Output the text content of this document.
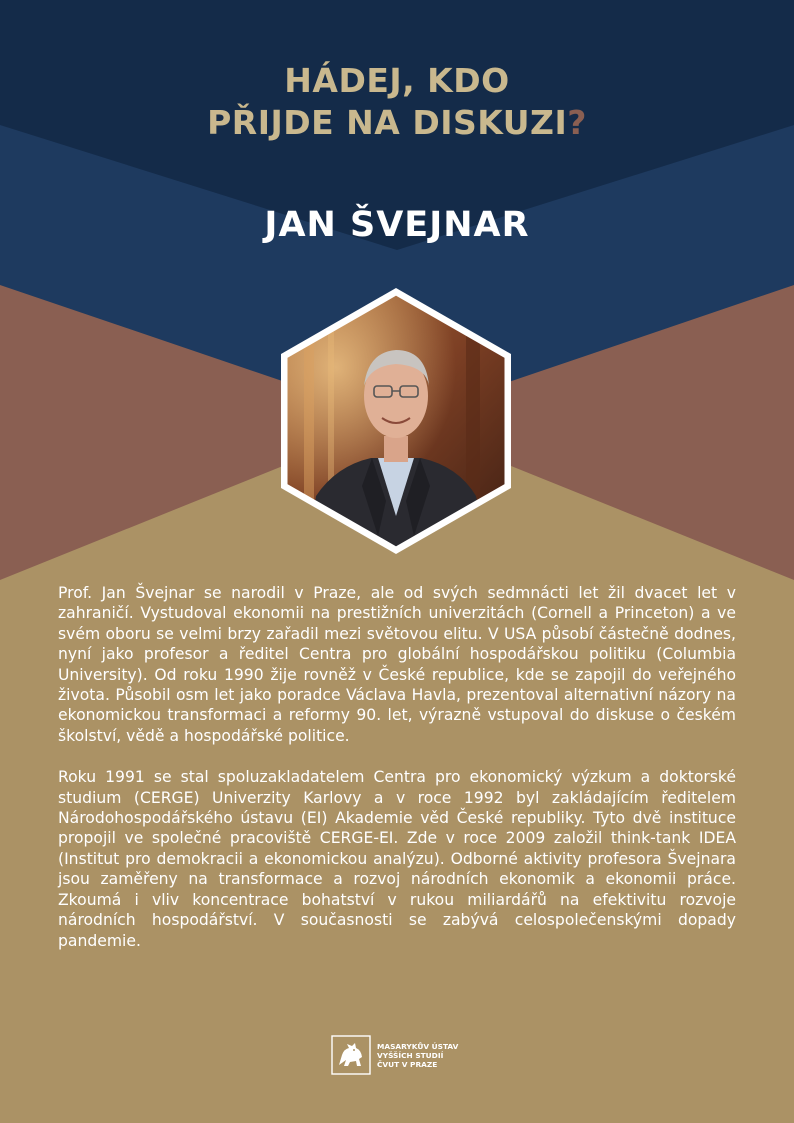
HÁDEJ, KDO
PŘIJDE NA DISKUZI?
JAN ŠVEJNAR

Prof. Jan Švejnar se narodil v Praze, ale od svých sedmnácti let žil dvacet let v zahraničí. Vystudoval ekonomii na prestižních univerzitách (Cornell a Princeton) a ve svém oboru se velmi brzy zařadil mezi světovou elitu. V USA působí částečně dodnes, nyní jako profesor a ředitel Centra pro globální hospodářskou politiku (Columbia University). Od roku 1990 žije rovněž v České republice, kde se zapojil do veřejného života. Působil osm let jako poradce Václava Havla, prezentoval alternativní názory na ekonomickou transformaci a reformy 90. let, výrazně vstupoval do diskuse o českém školství, vědě a hospodářské politice.

Roku 1991 se stal spoluzakladatelem Centra pro ekonomický výzkum a doktorské studium (CERGE) Univerzity Karlovy a v roce 1992 byl zakládajícím ředitelem Národohospodářského ústavu (EI) Akademie věd České republiky. Tyto dvě instituce propojil ve společné pracoviště CERGE-EI. Zde v roce 2009 založil think-tank IDEA (Institut pro demokracii a ekonomickou analýzu). Odborné aktivity profesora Švejnara jsou zaměřeny na transformace a rozvoj národních ekonomik a ekonomii práce. Zkoumá i vliv koncentrace bohatství v rukou miliardářů na efektivitu rozvoje národních hospodářství. V současnosti se zabývá celospolečenskými dopady pandemie.

MASARYKŮV ÚSTAV
VYŠŠÍCH STUDIÍ
ČVUT V PRAZE
